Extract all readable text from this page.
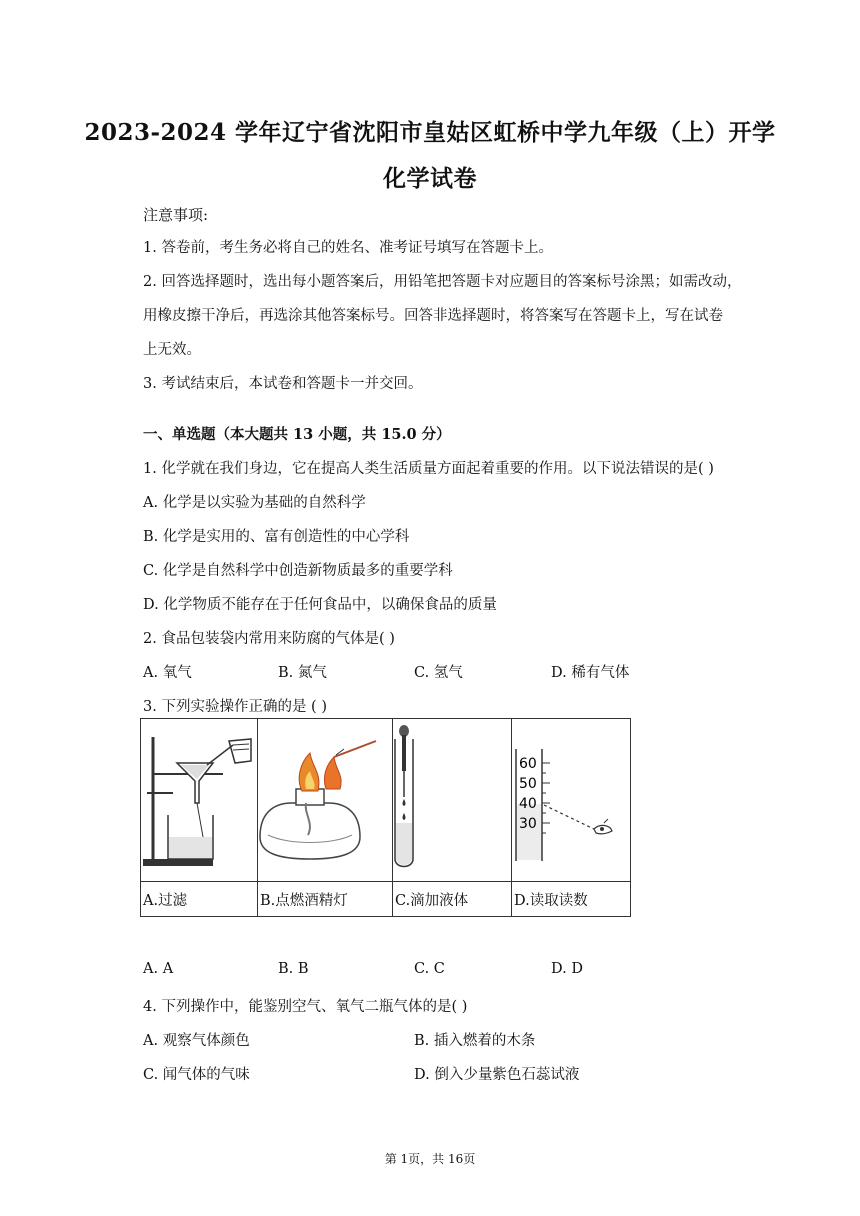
2023-2024 学年辽宁省沈阳市皇姑区虹桥中学九年级（上）开学
化学试卷
注意事项:
1. 答卷前，考生务必将自己的姓名、准考证号填写在答题卡上。
2. 回答选择题时，选出每小题答案后，用铅笔把答题卡对应题目的答案标号涂黑；如需改动，
用橡皮擦干净后，再选涂其他答案标号。回答非选择题时，将答案写在答题卡上，写在试卷
上无效。
3. 考试结束后，本试卷和答题卡一并交回。
一、单选题（本大题共 13 小题，共 15.0 分）
1. 化学就在我们身边，它在提高人类生活质量方面起着重要的作用。以下说法错误的是( )
A. 化学是以实验为基础的自然科学
B. 化学是实用的、富有创造性的中心学科
C. 化学是自然科学中创造新物质最多的重要学科
D. 化学物质不能存在于任何食品中，以确保食品的质量
2. 食品包装袋内常用来防腐的气体是( )
A. 氧气	B. 氮气	C. 氢气	D. 稀有气体
3. 下列实验操作正确的是 ( )

60
50
40
30

A.过滤	B.点燃酒精灯	C.滴加液体	D.读取读数
A. A	B. B	C. C	D. D
4. 下列操作中，能鉴别空气、氧气二瓶气体的是( )
A. 观察气体颜色	B. 插入燃着的木条
C. 闻气体的气味	D. 倒入少量紫色石蕊试液
第 1页，共 16页
